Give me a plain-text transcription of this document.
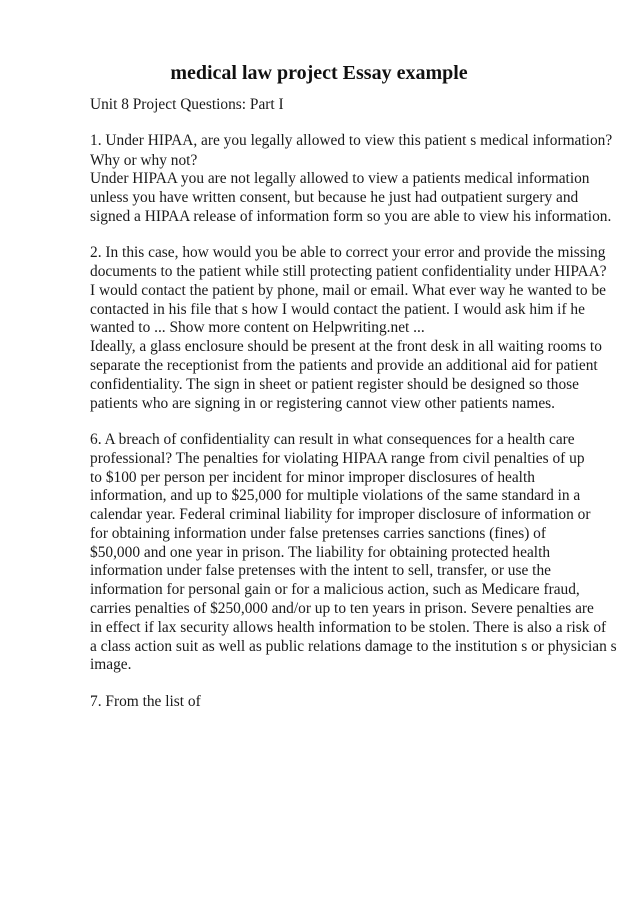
medical law project Essay example
Unit 8 Project Questions: Part I
1. Under HIPAA, are you legally allowed to view this patient s medical information?
Why or why not?
Under HIPAA you are not legally allowed to view a patients medical information
unless you have written consent, but because he just had outpatient surgery and
signed a HIPAA release of information form so you are able to view his information.
2. In this case, how would you be able to correct your error and provide the missing
documents to the patient while still protecting patient confidentiality under HIPAA?
I would contact the patient by phone, mail or email. What ever way he wanted to be
contacted in his file that s how I would contact the patient. I would ask him if he
wanted to ... Show more content on Helpwriting.net ...
Ideally, a glass enclosure should be present at the front desk in all waiting rooms to
separate the receptionist from the patients and provide an additional aid for patient
confidentiality. The sign in sheet or patient register should be designed so those
patients who are signing in or registering cannot view other patients names.
6. A breach of confidentiality can result in what consequences for a health care
professional? The penalties for violating HIPAA range from civil penalties of up
to $100 per person per incident for minor improper disclosures of health
information, and up to $25,000 for multiple violations of the same standard in a
calendar year. Federal criminal liability for improper disclosure of information or
for obtaining information under false pretenses carries sanctions (fines) of
$50,000 and one year in prison. The liability for obtaining protected health
information under false pretenses with the intent to sell, transfer, or use the
information for personal gain or for a malicious action, such as Medicare fraud,
carries penalties of $250,000 and/or up to ten years in prison. Severe penalties are
in effect if lax security allows health information to be stolen. There is also a risk of
a class action suit as well as public relations damage to the institution s or physician s
image.
7. From the list of
